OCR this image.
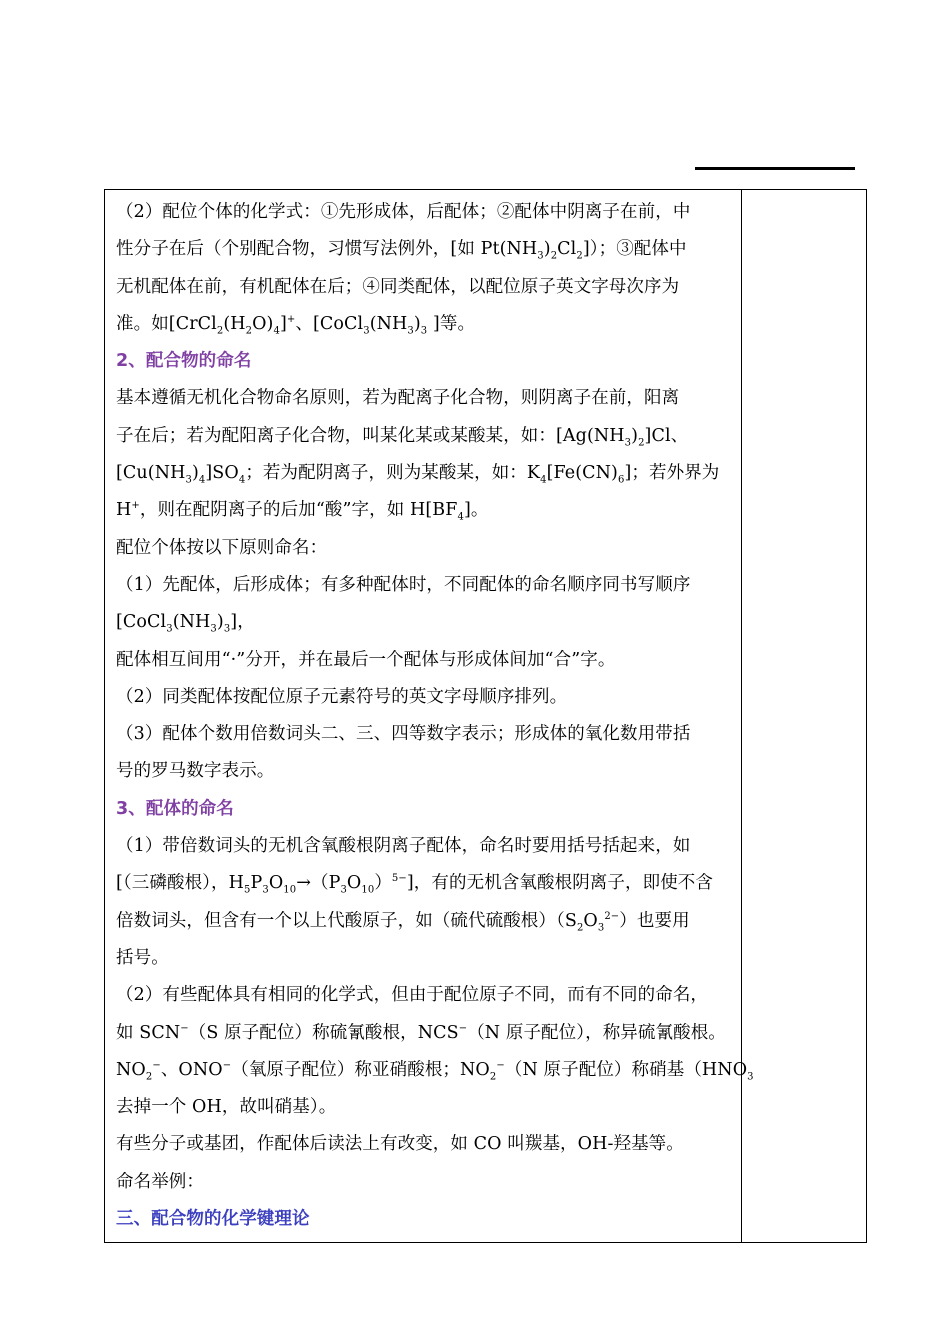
（2）配位个体的化学式：①先形成体，后配体；②配体中阴离子在前，中
性分子在后（个别配合物，习惯写法例外，[如 $Pt(NH_3)_2Cl_2$]）；③配体中
无机配体在前，有机配体在后；④同类配体，以配位原子英文字母次序为
准。如$[CrCl_2(H_2O)_4]^+$、[$CoCl_3(NH_3)_3$ ]等。
2、配合物的命名
基本遵循无机化合物命名原则，若为配离子化合物，则阴离子在前，阳离
子在后；若为配阳离子化合物，叫某化某或某酸某，如：$[Ag(NH_3)_2]Cl$、
$[Cu(NH_3)_4]SO_4$；若为配阴离子，则为某酸某，如：$K_4[Fe(CN)_6]$；若外界为
H+，则在配阴离子的后加“酸”字，如 $H[BF_4]$。
配位个体按以下原则命名：
（1）先配体，后形成体；有多种配体时，不同配体的命名顺序同书写顺序
$[CoCl_3(NH_3)_3]$，
配体相互间用“·”分开，并在最后一个配体与形成体间加“合”字。
（2）同类配体按配位原子元素符号的英文字母顺序排列。
（3）配体个数用倍数词头二、三、四等数字表示；形成体的氧化数用带括
号的罗马数字表示。
3、配体的命名
（1）带倍数词头的无机含氧酸根阴离子配体，命名时要用括号括起来，如
[（三磷酸根），$H_5P_3O_{10}\to(P_3O_{10})^{5-}$]，有的无机含氧酸根阴离子，即使不含
倍数词头，但含有一个以上代酸原子，如（硫代硫酸根）$(S_2O_3^{2-})$也要用
括号。
（2）有些配体具有相同的化学式，但由于配位原子不同，而有不同的命名，
如 SCN−（S 原子配位）称硫氰酸根，NCS−（N 原子配位），称异硫氰酸根。
$NO_2^-$、ONO−（氧原子配位）称亚硝酸根；$NO_2^-(N$ 原子配位）称硝基（$HNO_3$
去掉一个 OH，故叫硝基）。
有些分子或基团，作配体后读法上有改变，如 CO 叫羰基，OH-羟基等。
命名举例：
三、配合物的化学键理论
